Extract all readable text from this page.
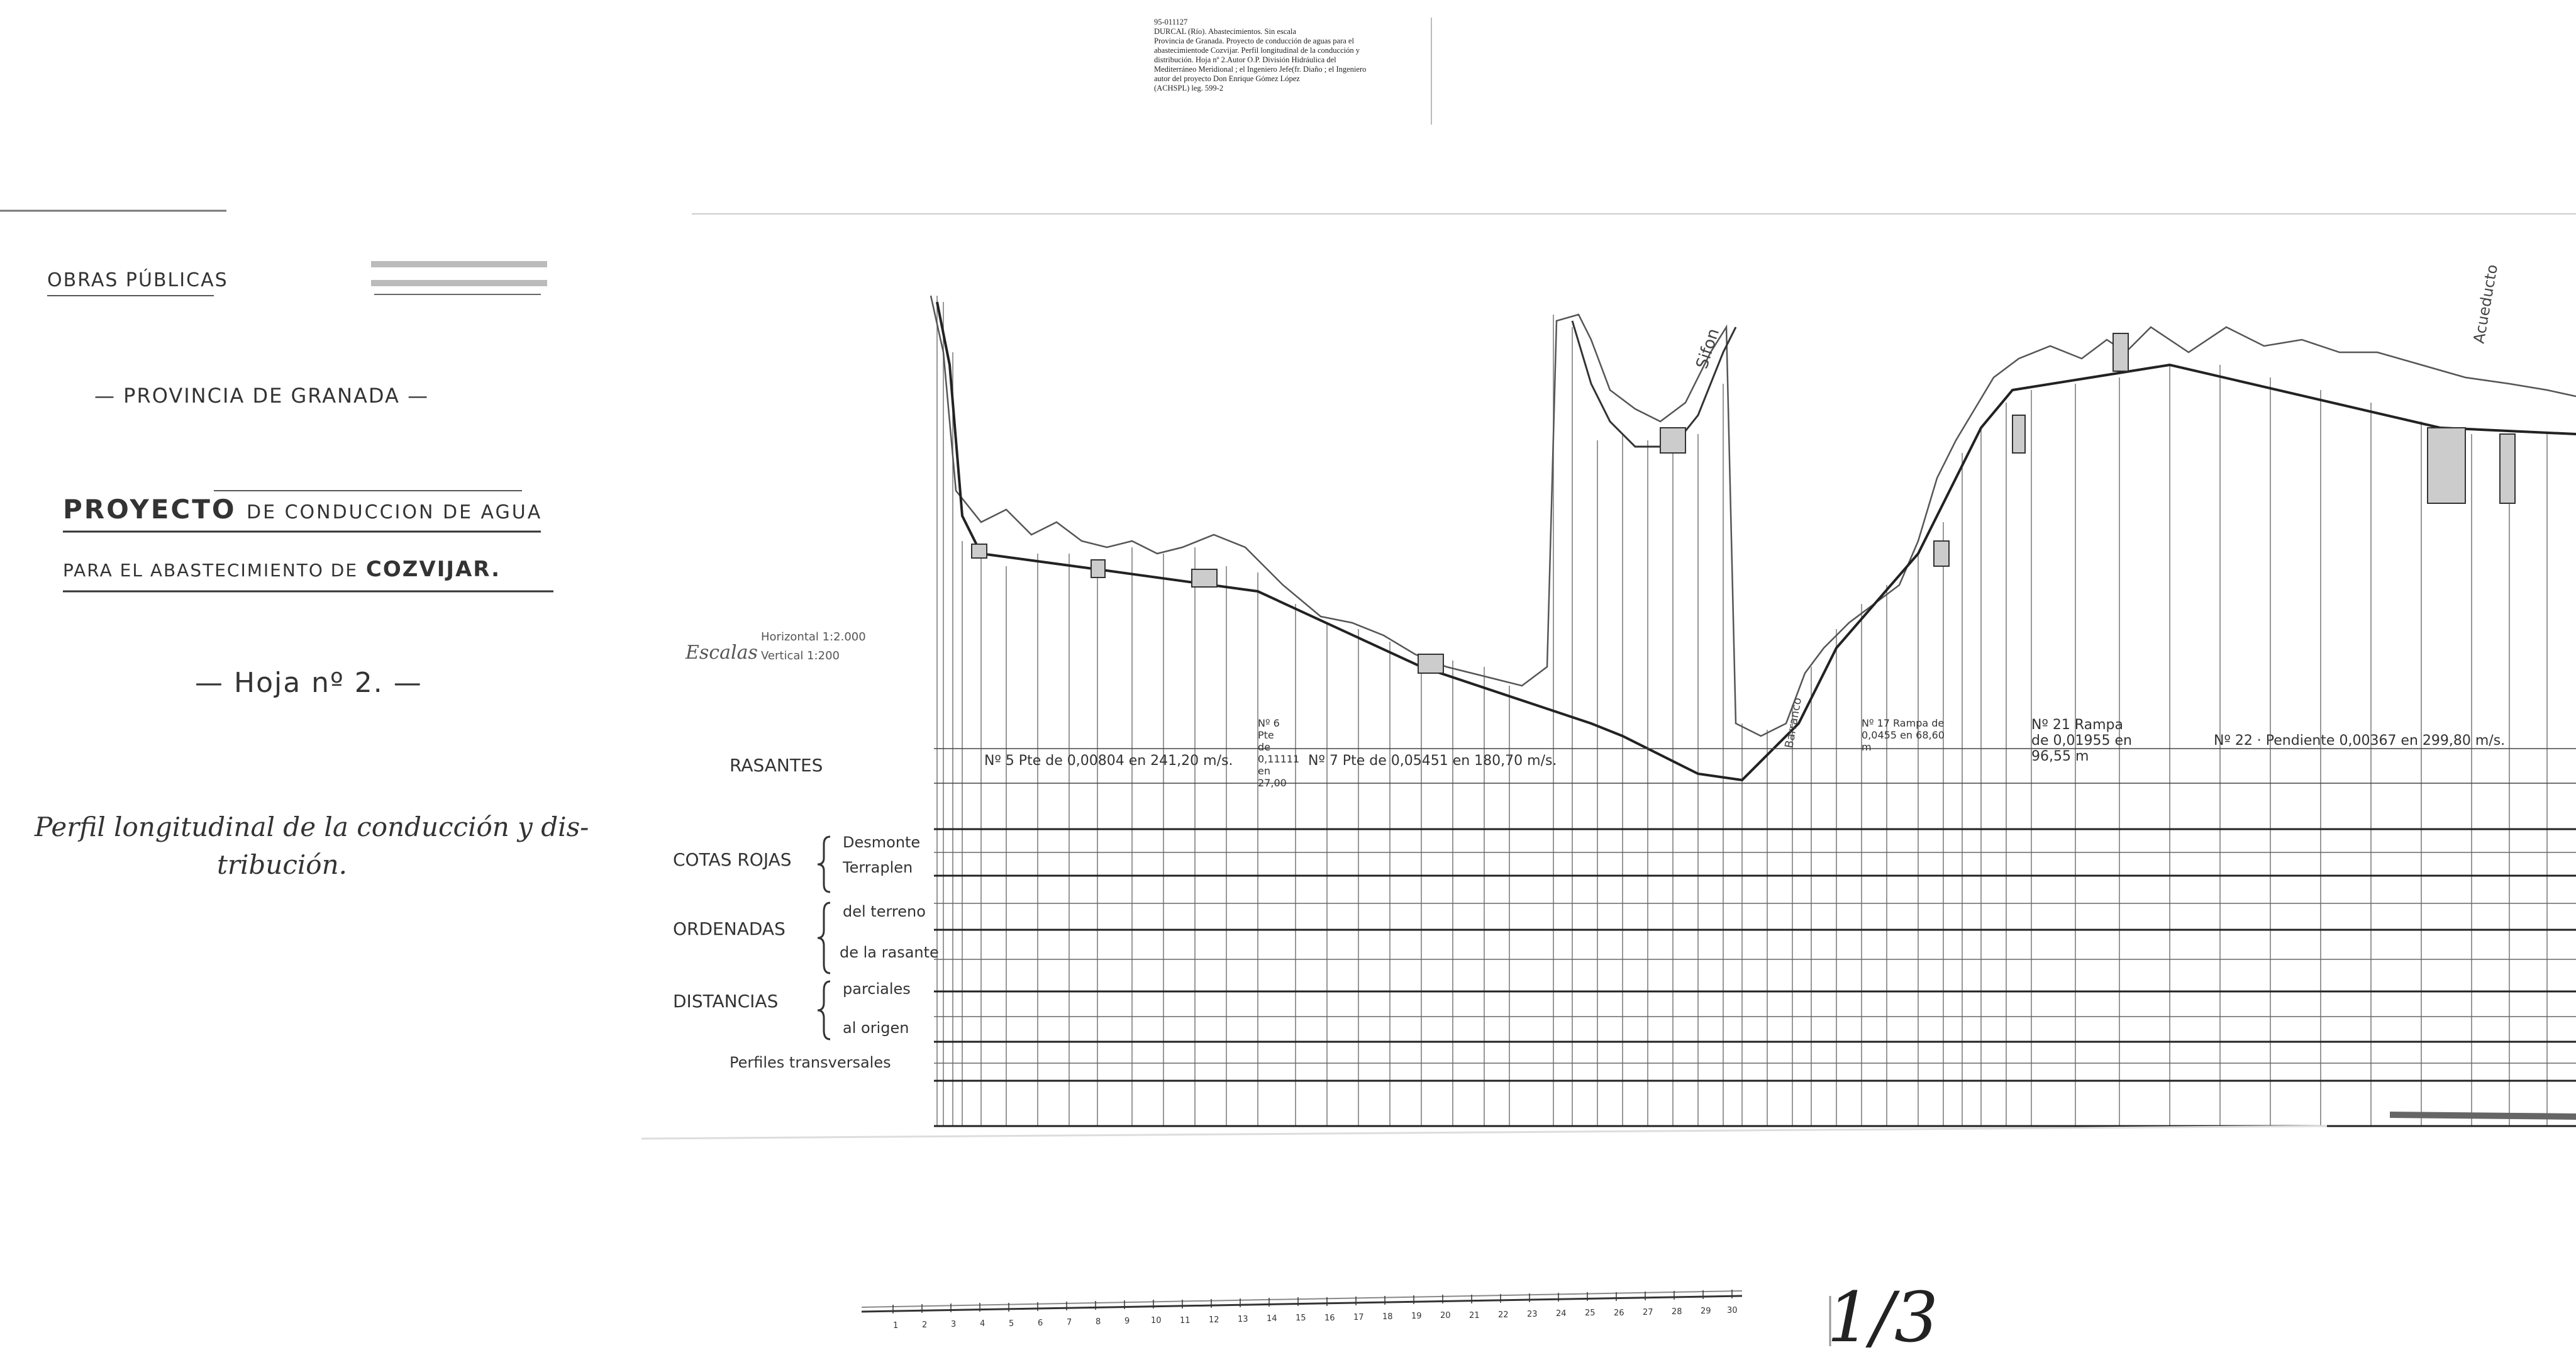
95-011127
DURCAL (Río). Abastecimientos. Sin escala
Provincia de Granada. Proyecto de conducción de aguas para el
abastecimientode Cozvijar. Perfil longitudinal de la conducción y
distribución. Hoja nº 2.Autor O.P. División Hidráulica del
Mediterráneo Meridional ; el Ingeniero Jefe(fr. Diaño ; el Ingeniero
autor del proyecto Don Enrique Gómez López
(ACHSPL) leg. 599-2
OBRAS PÚBLICAS
— PROVINCIA DE GRANADA —
PROYECTO DE CONDUCCION DE AGUA
PARA EL ABASTECIMIENTO DE COZVIJAR.
— Hoja nº 2. —
Perfil longitudinal de la conducción y dis-
tribución.
Escalas
Horizontal 1:2.000
Vertical 1:200
RASANTES
COTAS ROJAS
Desmonte
Terraplen
ORDENADAS
del terreno
de la rasante
DISTANCIAS
parciales
al origen
Perfiles transversales
Nº 5 Pte de 0,00804 en 241,20 m/s.
Nº 6 Pte de 0,11111 en 27,00
Nº 7 Pte de 0,05451 en 180,70 m/s.
Nº 17 Rampa de 0,0455 en 68,60 m
Nº 21 Rampa de 0,01955 en 96,55 m
Nº 22 · Pendiente 0,00367 en 299,80 m/s.
Sifon
Acueducto
Barranco
1	2	3	4	5	6	7	8	9	10 11 12 13 14 15 16 17 18 19 20 21 22 23 24 25 26 27 28 29 30 1/3
